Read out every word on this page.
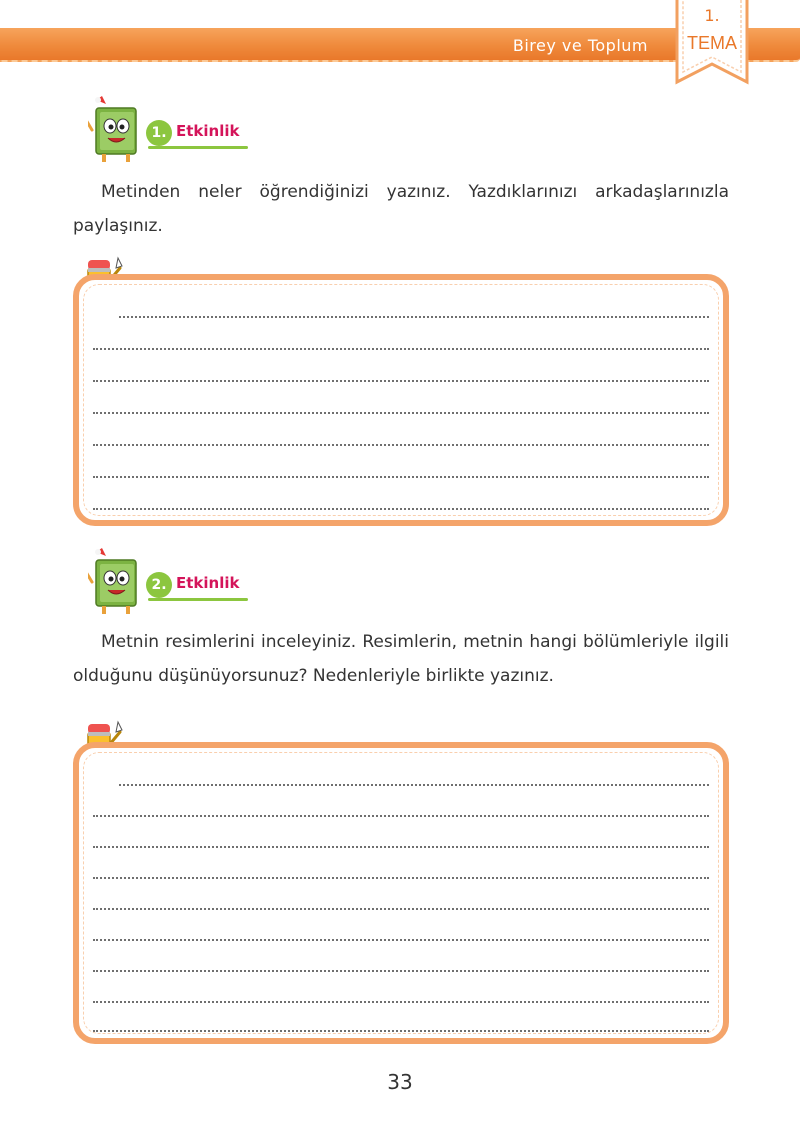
Birey ve Toplum
1.
TEMA
1. Etkinlik
Metinden neler öğrendiğinizi yazınız. Yazdıklarınızı arkadaşlarınızla paylaşınız.
2. Etkinlik
Metnin resimlerini inceleyiniz. Resimlerin, metnin hangi bölümleriyle ilgili olduğunu düşünüyorsunuz? Nedenleriyle birlikte yazınız.
33
